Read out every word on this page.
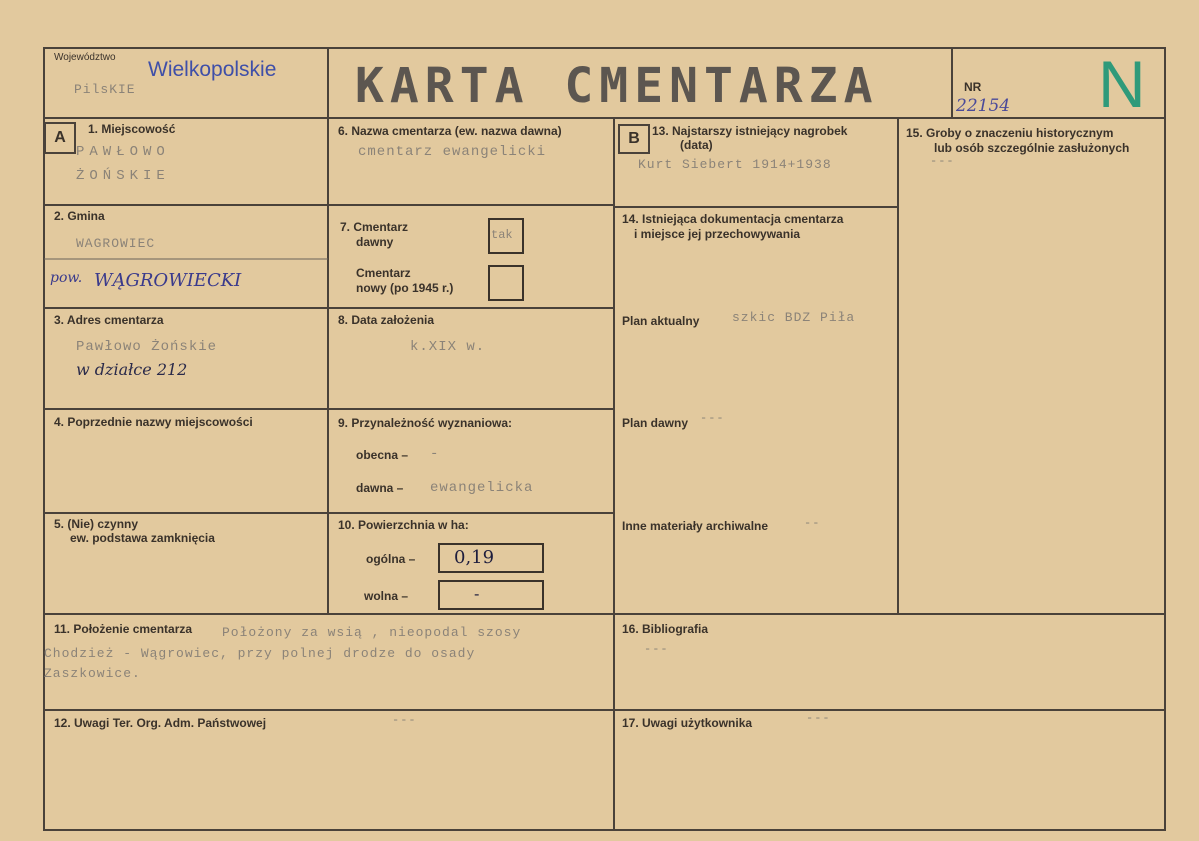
Województwo
Wielkopolskie
PilsKIE	KARTA CMENTARZA	NR
22154 N
A	1. Miejscowość
PAWŁOWO
ŻOŃSKIE
2. Gmina
WAGROWIEC
pow. WĄGROWIECKI
3. Adres cmentarza
Pawłowo Żońskie
w działce 212
4. Poprzednie nazwy miejscowości
5. (Nie) czynny
ew. podstawa zamknięcia
6. Nazwa cmentarza (ew. nazwa dawna)
cmentarz ewangelicki
7. Cmentarz
dawny	tak
Cmentarz
nowy (po 1945 r.)
8. Data założenia
k.XIX w.
9. Przynależność wyznaniowa:
obecna – -
dawna – ewangelicka
10. Powierzchnia w ha:
ogólna – 0,19
wolna –	-
B	13. Najstarszy istniejący nagrobek
(data)
Kurt Siebert 1914+1938
14. Istniejąca dokumentacja cmentarza
i miejsce jej przechowywania
Plan aktualny	szkic BDZ Piła
Plan dawny ---
Inne materiały archiwalne	--
15. Groby o znaczeniu historycznym
lub osób szczególnie zasłużonych
---
11. Położenie cmentarza Położony za wsią , nieopodal szosy
Chodzież - Wągrowiec, przy polnej drodze do osady
Zaszkowice.
16. Bibliografia
---
12. Uwagi Ter. Org. Adm. Państwowej	---	17. Uwagi użytkownika	---
